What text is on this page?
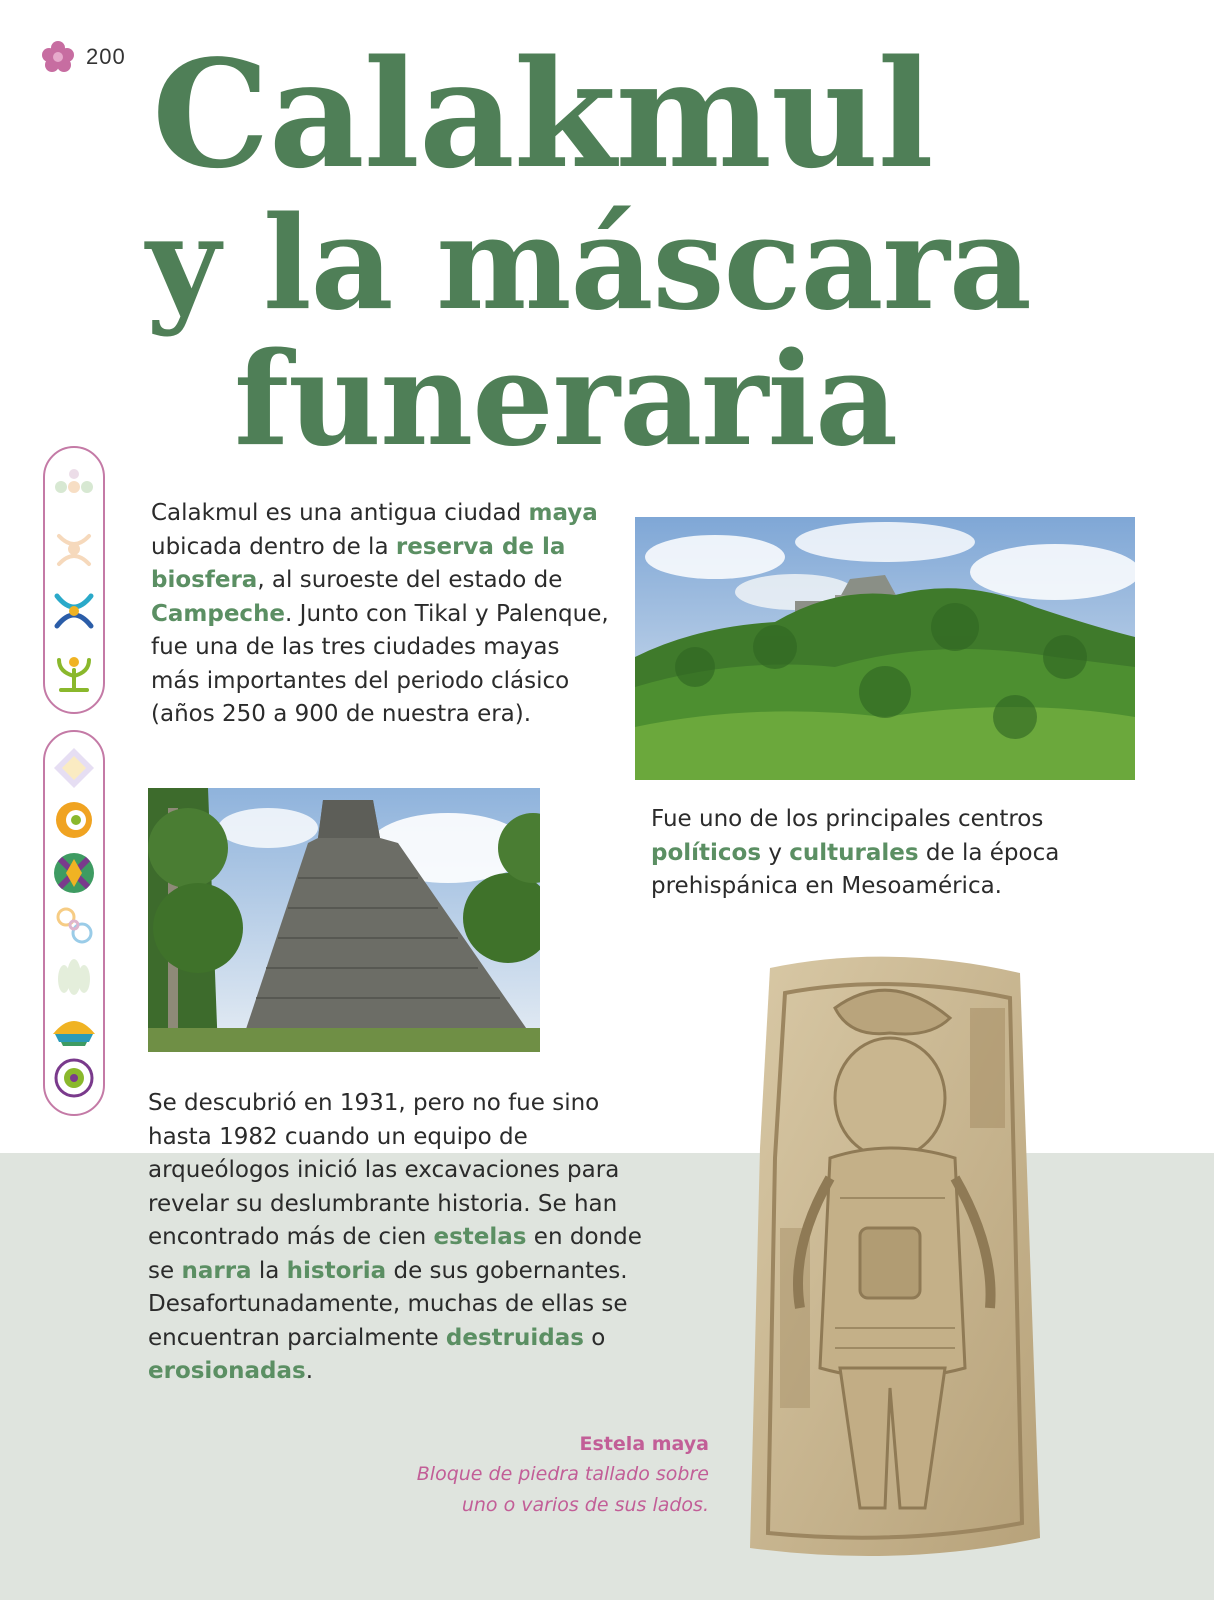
200 Calakmul
y la máscara
funeraria

Calakmul es una antigua ciudad maya ubicada dentro de la reserva de la biosfera, al suroeste del estado de Campeche. Junto con Tikal y Palenque, fue una de las tres ciudades mayas más importantes del periodo clásico (años 250 a 900 de nuestra era).

Fue uno de los principales centros políticos y culturales de la época prehispánica en Mesoamérica.

Se descubrió en 1931, pero no fue sino hasta 1982 cuando un equipo de arqueólogos inició las excavaciones para revelar su deslumbrante historia. Se han encontrado más de cien estelas en donde se narra la historia de sus gobernantes. Desafortunadamente, muchas de ellas se encuentran parcialmente destruidas o erosionadas.

Estela maya

Bloque de piedra tallado sobre
uno o varios de sus lados.
